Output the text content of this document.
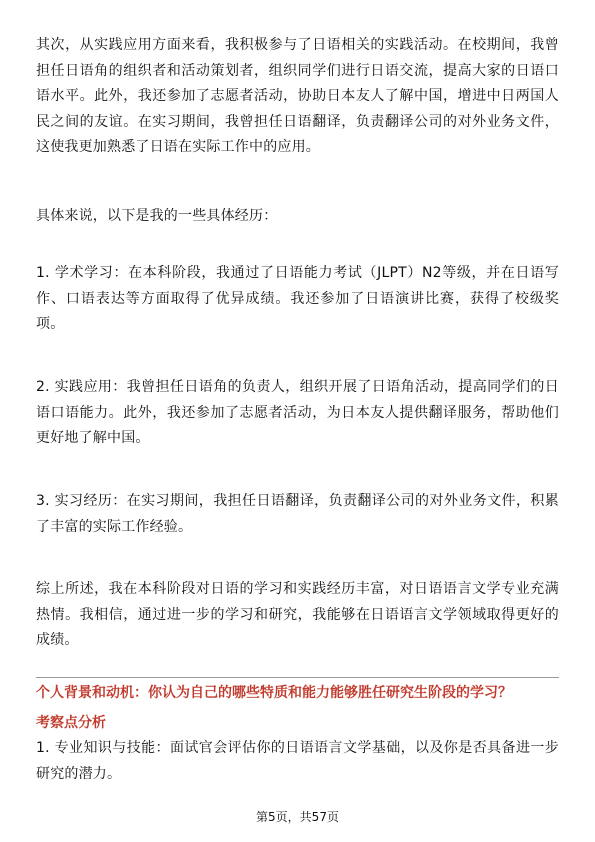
其次，从实践应用方面来看，我积极参与了日语相关的实践活动。在校期间，我曾担任日语角的组织者和活动策划者，组织同学们进行日语交流，提高大家的日语口语水平。此外，我还参加了志愿者活动，协助日本友人了解中国，增进中日两国人民之间的友谊。在实习期间，我曾担任日语翻译，负责翻译公司的对外业务文件，这使我更加熟悉了日语在实际工作中的应用。

具体来说，以下是我的一些具体经历：

1. 学术学习：在本科阶段，我通过了日语能力考试（JLPT）N2等级，并在日语写作、口语表达等方面取得了优异成绩。我还参加了日语演讲比赛，获得了校级奖项。

2. 实践应用：我曾担任日语角的负责人，组织开展了日语角活动，提高同学们的日语口语能力。此外，我还参加了志愿者活动，为日本友人提供翻译服务，帮助他们更好地了解中国。

3. 实习经历：在实习期间，我担任日语翻译，负责翻译公司的对外业务文件，积累了丰富的实际工作经验。

综上所述，我在本科阶段对日语的学习和实践经历丰富，对日语语言文学专业充满热情。我相信，通过进一步的学习和研究，我能够在日语语言文学领域取得更好的成绩。

个人背景和动机：你认为自己的哪些特质和能力能够胜任研究生阶段的学习？

考察点分析

1. 专业知识与技能：面试官会评估你的日语语言文学基础，以及你是否具备进一步研究的潜力。

第5页，共57页
